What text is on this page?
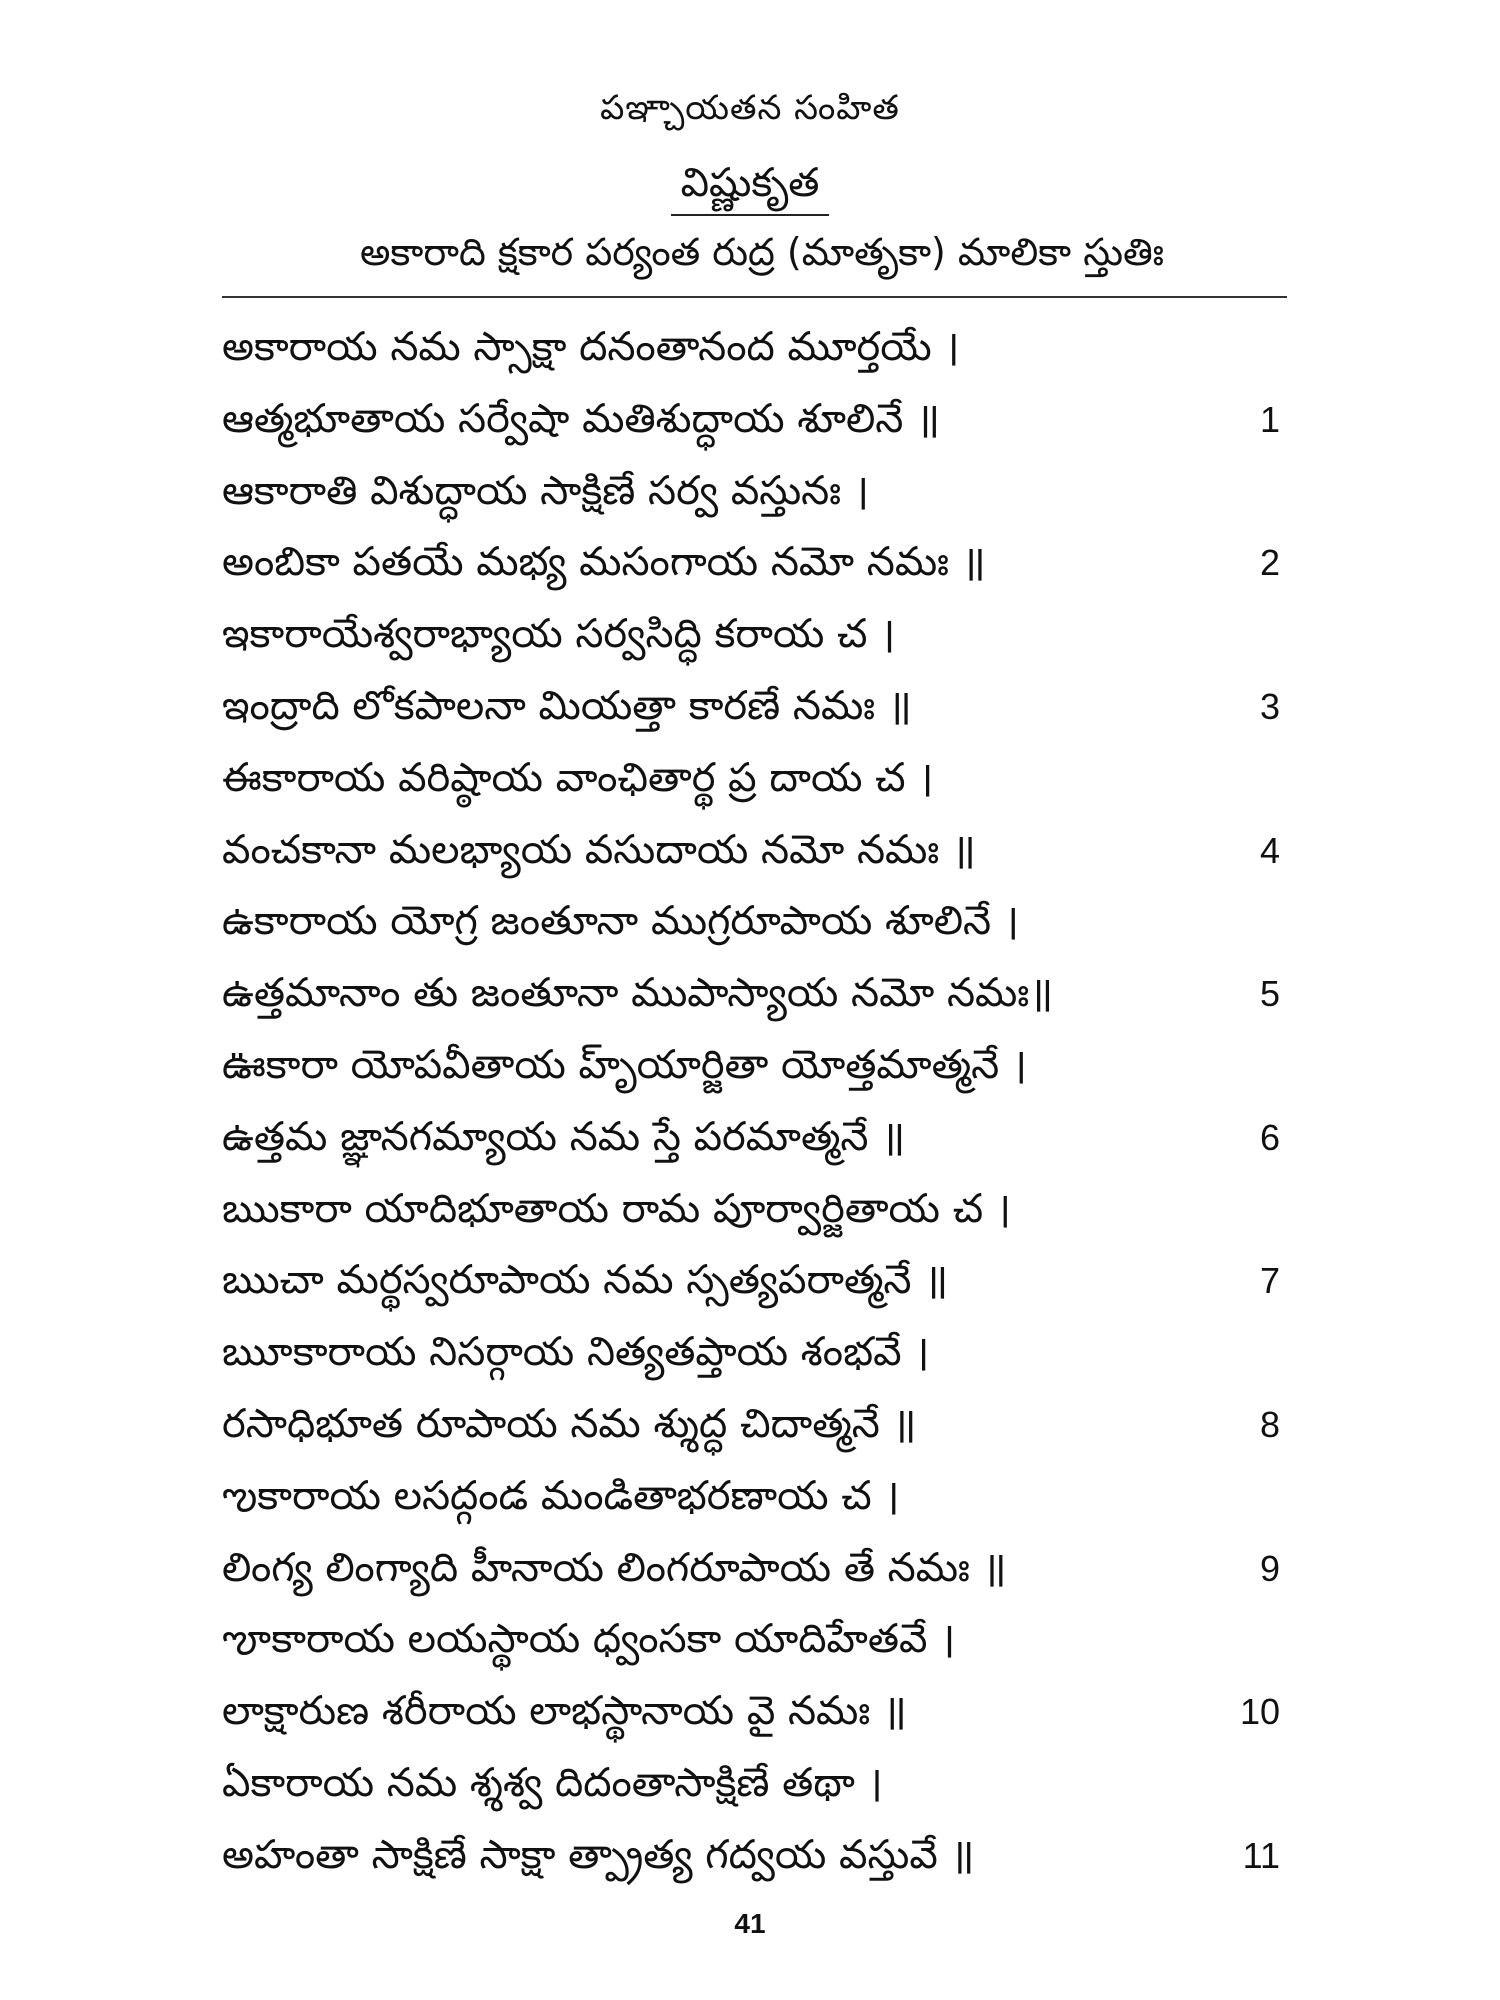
పఞ్చాయతన సంహిత
విష్ణుకృత
అకారాది క్షకార పర్యంత రుద్ర (మాతృకా) మాలికా స్తుతిః
అకారాయ నమ స్సాక్షా దనంతానంద మూర్తయే ।
ఆత్మభూతాయ సర్వేషా మతిశుద్ధాయ శూలినే ॥	1
ఆకారాతి విశుద్ధాయ సాక్షిణే సర్వ వస్తునః ।
అంబికా పతయే మభ్య మసంగాయ నమో నమః ॥	2
ఇకారాయేశ్వరాభ్యాయ సర్వసిద్ధి కరాయ చ ।
ఇంద్రాది లోకపాలనా మియత్తా కారణే నమః ॥	3
ఈకారాయ వరిష్ఠాయ వాంఛితార్థ ప్ర దాయ చ ।
వంచకానా మలభ్యాయ వసుదాయ నమో నమః ॥	4
ఉకారాయ యోగ్ర జంతూనా ముగ్రరూపాయ శూలినే ।
ఉత్తమానాం తు జంతూనా ముపాస్యాయ నమో నమః॥	5
ఊకారా యోపవీతాయ హృ్యార్జితా యోత్తమాత్మనే ।
ఉత్తమ జ్ఞానగమ్యాయ నమ స్తే పరమాత్మనే ॥	6
ఋకారా యాదిభూతాయ రామ పూర్వార్జితాయ చ ।
ఋచా మర్థస్వరూపాయ నమ స్సత్యపరాత్మనే ॥	7
ౠకారాయ నిసర్గాయ నిత్యతప్తాయ శంభవే ।
రసాధిభూత రూపాయ నమ శ్శుద్ధ చిదాత్మనే ॥	8
ఌకారాయ లసద్గండ మండితాభరణాయ చ ।
లింగ్య లింగ్యాది హీనాయ లింగరూపాయ తే నమః ॥	9
ౡకారాయ లయస్థాయ ధ్వంసకా యాదిహేతవే ।
లాక్షారుణ శరీరాయ లాభస్థానాయ వై నమః ॥	10
ఏకారాయ నమ శ్శశ్వ దిదంతాసాక్షిణే తథా ।
అహంతా సాక్షిణే సాక్షా త్ప్రాత్య గద్వయ వస్తువే ॥	11
41
